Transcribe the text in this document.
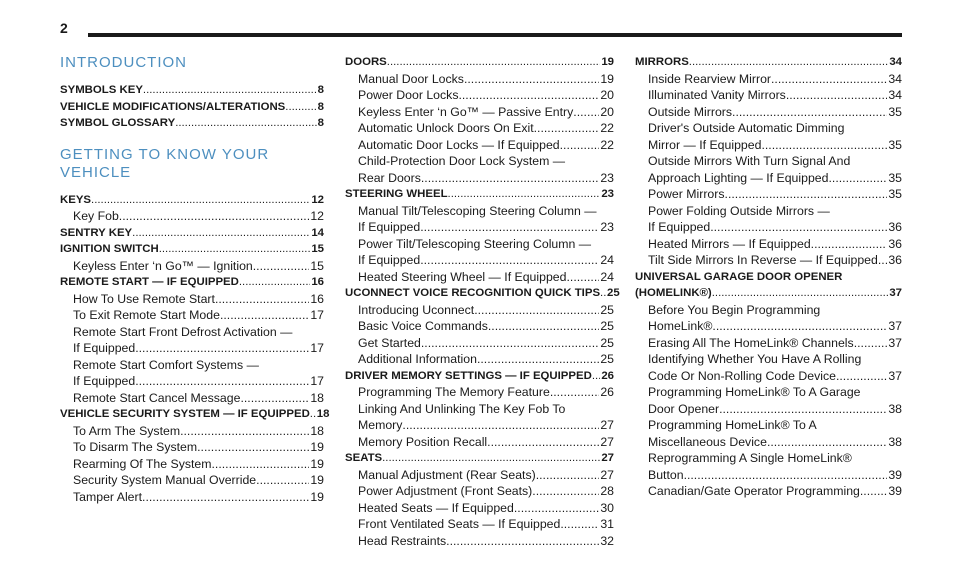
2
INTRODUCTION
SYMBOLS KEY .....	8
VEHICLE MODIFICATIONS/ALTERATIONS .....	8
SYMBOL GLOSSARY .....	8
GETTING TO KNOW YOUR VEHICLE
KEYS .....	12
Key Fob .....	12
SENTRY KEY .....	14
IGNITION SWITCH .....	15
Keyless Enter ‘n Go™ — Ignition .....	15
REMOTE START — IF EQUIPPED .....	16
How To Use Remote Start .....	16
To Exit Remote Start Mode .....	17
Remote Start Front Defrost Activation —
If Equipped .....	17
Remote Start Comfort Systems —
If Equipped .....	17
Remote Start Cancel Message .....	18
VEHICLE SECURITY SYSTEM — IF EQUIPPED ..... 18
To Arm The System .....	18
To Disarm The System .....	19
Rearming Of The System .....	19
Security System Manual Override .....	19
Tamper Alert .....	19
DOORS .....	19
Manual Door Locks .....	19
Power Door Locks .....	20
Keyless Enter ‘n Go™ — Passive Entry ..... 20
Automatic Unlock Doors On Exit .....	22
Automatic Door Locks — If Equipped .....	22
Child-Protection Door Lock System —
Rear Doors .....	23
STEERING WHEEL .....	23
Manual Tilt/Telescoping Steering Column —
If Equipped .....	23
Power Tilt/Telescoping Steering Column —
If Equipped .....	24
Heated Steering Wheel — If Equipped .....	24
UCONNECT VOICE RECOGNITION QUICK TIPS ..... 25
Introducing Uconnect .....	25
Basic Voice Commands .....	25
Get Started .....	25
Additional Information .....	25
DRIVER MEMORY SETTINGS — IF EQUIPPED ..... 26
Programming The Memory Feature .....	26
Linking And Unlinking The Key Fob To
Memory .....	27
Memory Position Recall .....	27
SEATS .....	27
Manual Adjustment (Rear Seats) .....	27
Power Adjustment (Front Seats) .....	28
Heated Seats — If Equipped .....	30
Front Ventilated Seats — If Equipped .....	31
Head Restraints .....	32
MIRRORS .....	34
Inside Rearview Mirror .....	34
Illuminated Vanity Mirrors .....	34
Outside Mirrors .....	35
Driver's Outside Automatic Dimming
Mirror — If Equipped .....	35
Outside Mirrors With Turn Signal And
Approach Lighting — If Equipped .....	35
Power Mirrors .....	35
Power Folding Outside Mirrors —
If Equipped .....	36
Heated Mirrors — If Equipped .....	36
Tilt Side Mirrors In Reverse — If Equipped ..... 36
UNIVERSAL GARAGE DOOR OPENER
(HOMELINK®) .....	37
Before You Begin Programming
HomeLink® .....	37
Erasing All The HomeLink® Channels .....	37
Identifying Whether You Have A Rolling
Code Or Non-Rolling Code Device .....	37
Programming HomeLink® To A Garage
Door Opener .....	38
Programming HomeLink® To A
Miscellaneous Device .....	38
Reprogramming A Single HomeLink®
Button .....	39
Canadian/Gate Operator Programming ..... 39
